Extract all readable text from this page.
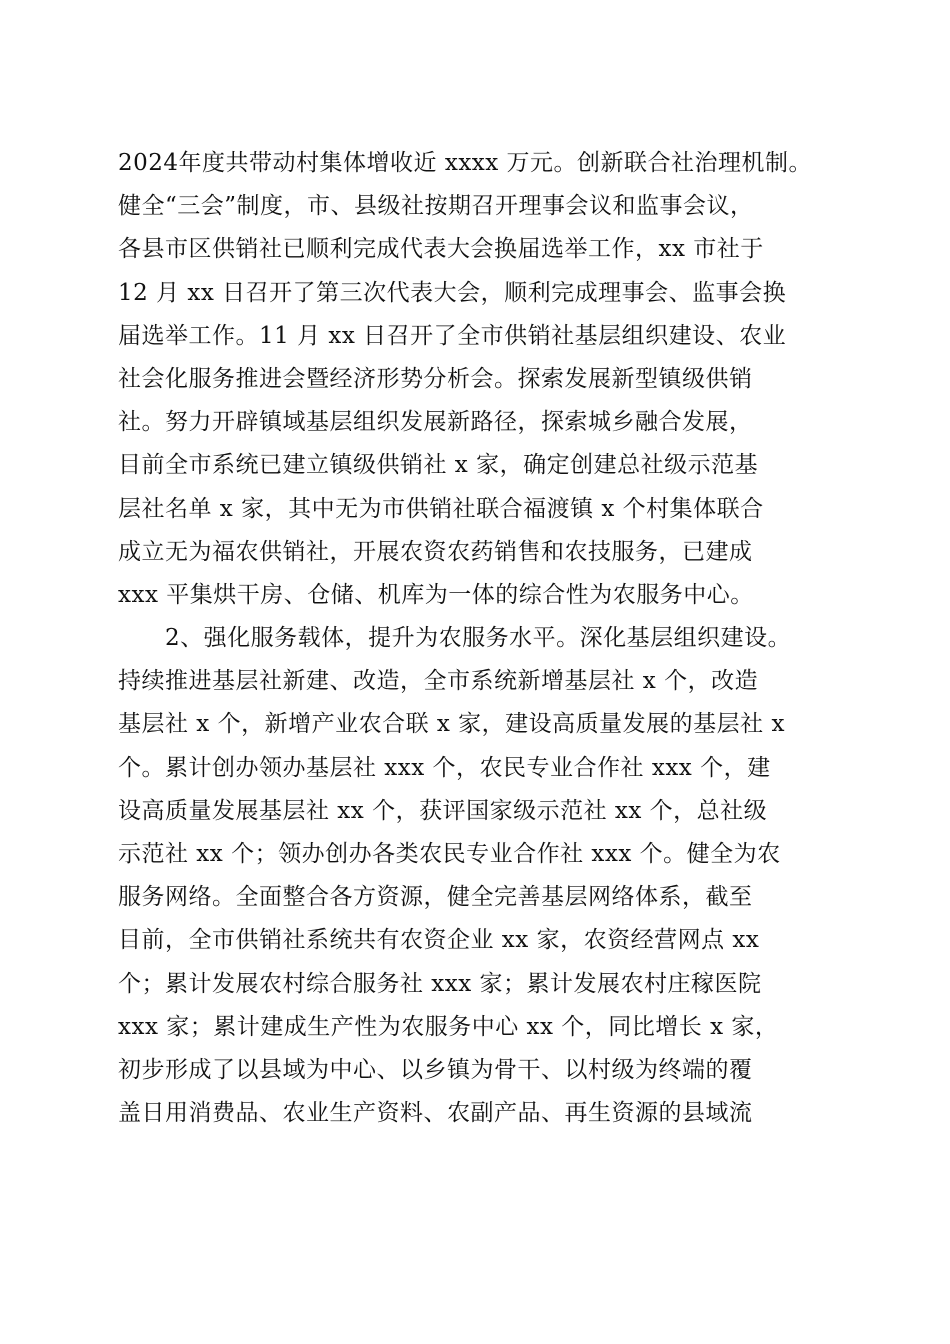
2024年度共带动村集体增收近 xxxx 万元。创新联合社治理机制。
健全“三会”制度，市、县级社按期召开理事会议和监事会议，
各县市区供销社已顺利完成代表大会换届选举工作，xx 市社于
12 月 xx 日召开了第三次代表大会，顺利完成理事会、监事会换
届选举工作。11 月 xx 日召开了全市供销社基层组织建设、农业
社会化服务推进会暨经济形势分析会。探索发展新型镇级供销
社。努力开辟镇域基层组织发展新路径，探索城乡融合发展，
目前全市系统已建立镇级供销社 x 家，确定创建总社级示范基
层社名单 x 家，其中无为市供销社联合福渡镇 x 个村集体联合
成立无为福农供销社，开展农资农药销售和农技服务，已建成
xxx 平集烘干房、仓储、机库为一体的综合性为农服务中心。
　　2、强化服务载体，提升为农服务水平。深化基层组织建设。
持续推进基层社新建、改造，全市系统新增基层社 x 个，改造
基层社 x 个，新增产业农合联 x 家，建设高质量发展的基层社 x
个。累计创办领办基层社 xxx 个，农民专业合作社 xxx 个，建
设高质量发展基层社 xx 个，获评国家级示范社 xx 个，总社级
示范社 xx 个；领办创办各类农民专业合作社 xxx 个。健全为农
服务网络。全面整合各方资源，健全完善基层网络体系，截至
目前，全市供销社系统共有农资企业 xx 家，农资经营网点 xx
个；累计发展农村综合服务社 xxx 家；累计发展农村庄稼医院
xxx 家；累计建成生产性为农服务中心 xx 个，同比增长 x 家，
初步形成了以县域为中心、以乡镇为骨干、以村级为终端的覆
盖日用消费品、农业生产资料、农副产品、再生资源的县域流
